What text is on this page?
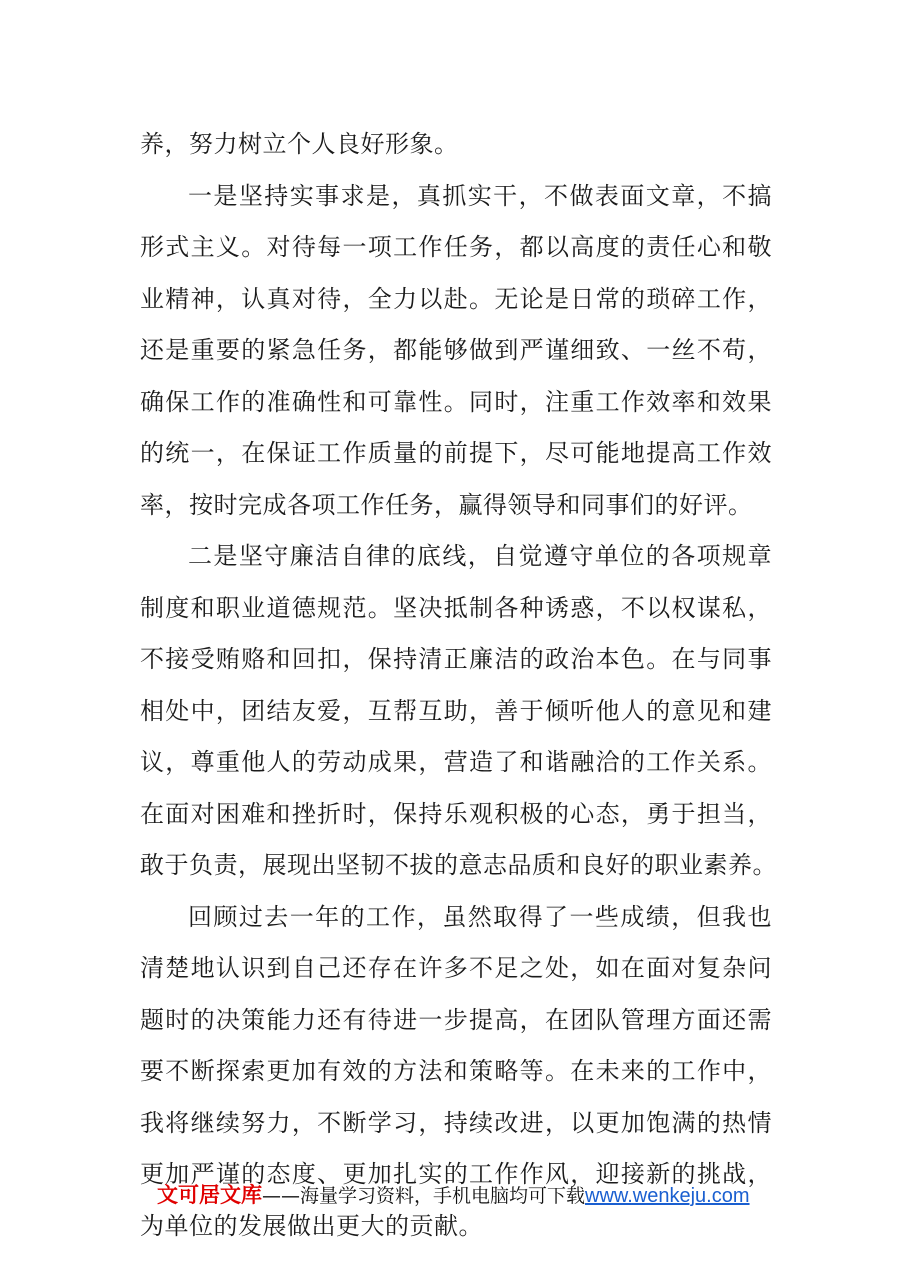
养，努力树立个人良好形象。
一是坚持实事求是，真抓实干，不做表面文章，不搞
形式主义。对待每一项工作任务，都以高度的责任心和敬
业精神，认真对待，全力以赴。无论是日常的琐碎工作，
还是重要的紧急任务，都能够做到严谨细致、一丝不苟，
确保工作的准确性和可靠性。同时，注重工作效率和效果
的统一，在保证工作质量的前提下，尽可能地提高工作效
率，按时完成各项工作任务，赢得领导和同事们的好评。
二是坚守廉洁自律的底线，自觉遵守单位的各项规章
制度和职业道德规范。坚决抵制各种诱惑，不以权谋私，
不接受贿赂和回扣，保持清正廉洁的政治本色。在与同事
相处中，团结友爱，互帮互助，善于倾听他人的意见和建
议，尊重他人的劳动成果，营造了和谐融洽的工作关系。
在面对困难和挫折时，保持乐观积极的心态，勇于担当，
敢于负责，展现出坚韧不拔的意志品质和良好的职业素养。
回顾过去一年的工作，虽然取得了一些成绩，但我也
清楚地认识到自己还存在许多不足之处，如在面对复杂问
题时的决策能力还有待进一步提高，在团队管理方面还需
要不断探索更加有效的方法和策略等。在未来的工作中，
我将继续努力，不断学习，持续改进，以更加饱满的热情
更加严谨的态度、更加扎实的工作作风，迎接新的挑战，
为单位的发展做出更大的贡献。
文可居文库——海量学习资料，手机电脑均可下载www.wenkeju.com
